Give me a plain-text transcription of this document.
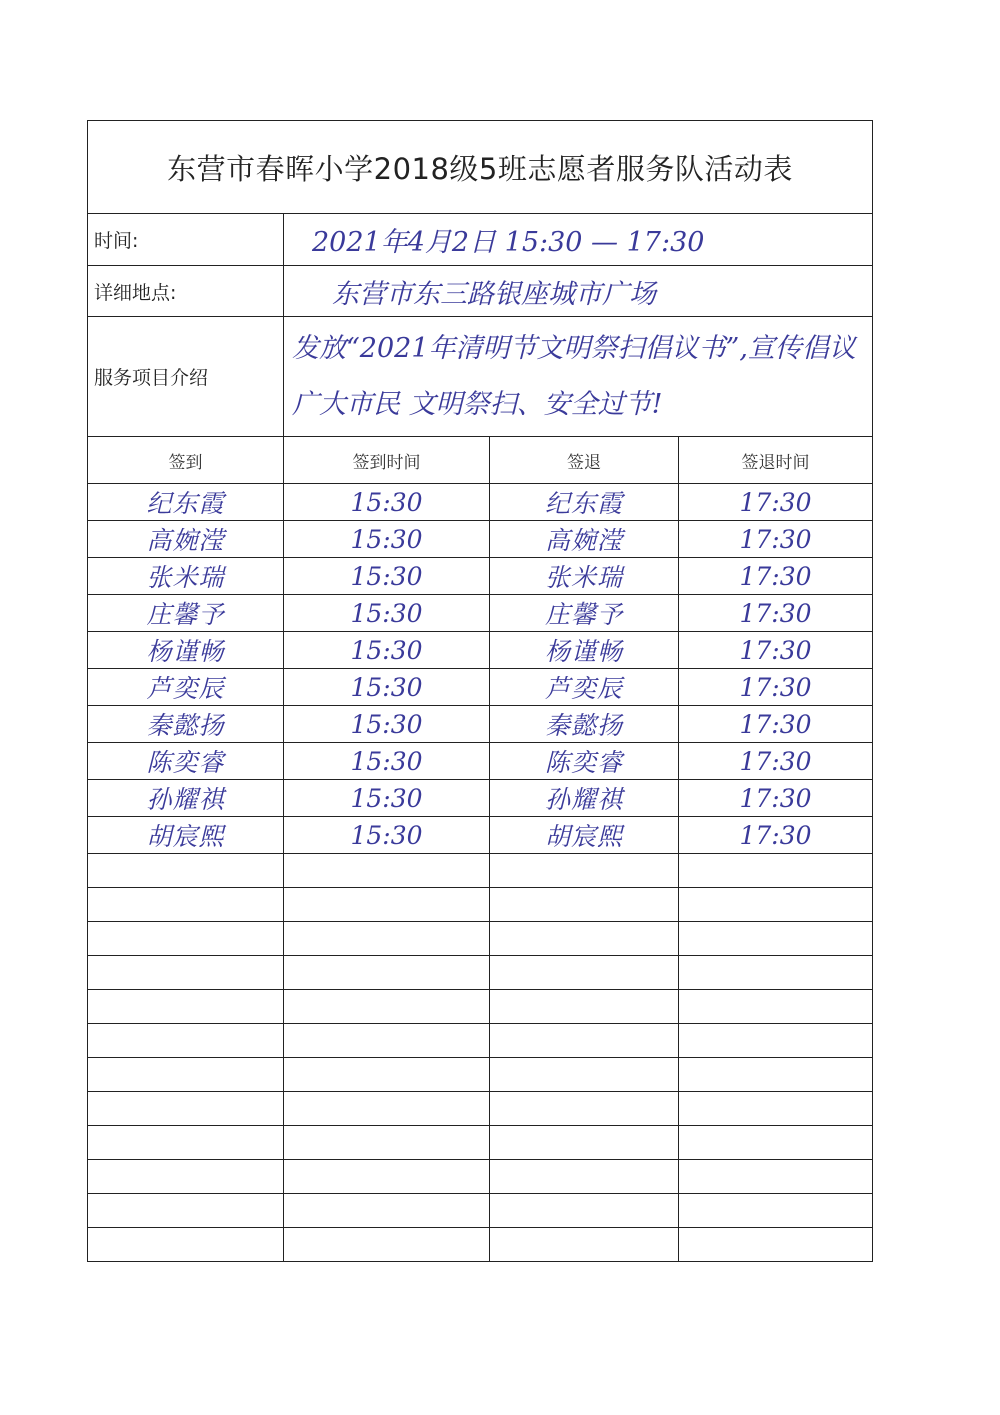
东营市春晖小学2018级5班志愿者服务队活动表			
时间:	2021年4月2日 15:30 — 17:30		
详细地点:	东营市东三路银座城市广场		
服务项目介绍	发放“2021年清明节文明祭扫倡议书”,宣传倡议广大市民 文明祭扫、安全过节!		
签到	签到时间	签退	签退时间
纪东霞	15:30	纪东霞	17:30
高婉滢	15:30	高婉滢	17:30
张米瑞	15:30	张米瑞	17:30
庄馨予	15:30	庄馨予	17:30
杨谨畅	15:30	杨谨畅	17:30
芦奕辰	15:30	芦奕辰	17:30
秦懿扬	15:30	秦懿扬	17:30
陈奕睿	15:30	陈奕睿	17:30
孙耀祺	15:30	孙耀祺	17:30
胡宸熙	15:30	胡宸熙	17:30
